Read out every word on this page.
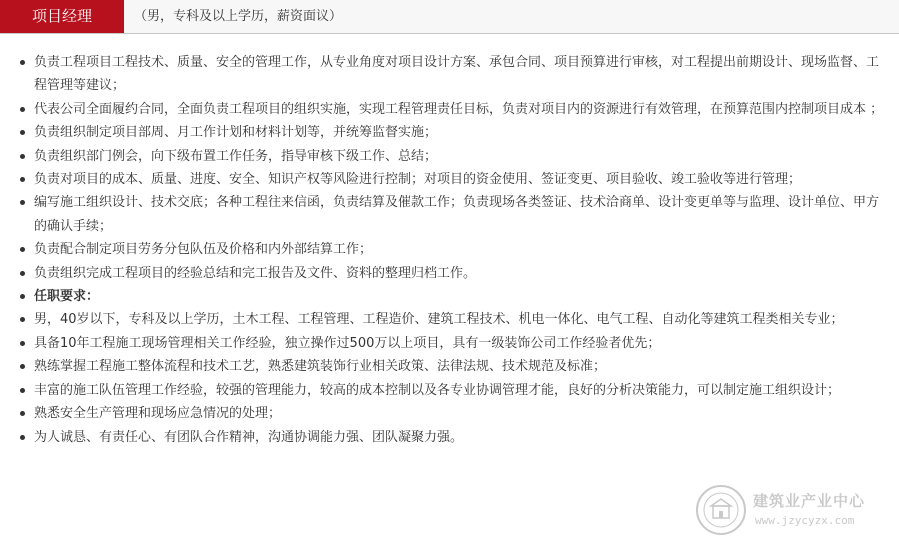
项目经理	（男，专科及以上学历，薪资面议）
负责工程项目工程技术、质量、安全的管理工作，从专业角度对项目设计方案、承包合同、项目预算进行审核，对工程提出前期设计、现场监督、工程管理等建议；
代表公司全面履约合同，全面负责工程项目的组织实施，实现工程管理责任目标，负责对项目内的资源进行有效管理，在预算范围内控制项目成本 ；
负责组织制定项目部周、月工作计划和材料计划等，并统筹监督实施；
负责组织部门例会，向下级布置工作任务，指导审核下级工作、总结；
负责对项目的成本、质量、进度、安全、知识产权等风险进行控制；对项目的资金使用、签证变更、项目验收、竣工验收等进行管理；
编写施工组织设计、技术交底；各种工程往来信函，负责结算及催款工作；负责现场各类签证、技术洽商单、设计变更单等与监理、设计单位、甲方的确认手续；
负责配合制定项目劳务分包队伍及价格和内外部结算工作；
负责组织完成工程项目的经验总结和完工报告及文件、资料的整理归档工作。
任职要求：
男，40岁以下，专科及以上学历，土木工程、工程管理、工程造价、建筑工程技术、机电一体化、电气工程、自动化等建筑工程类相关专业；
具备10年工程施工现场管理相关工作经验，独立操作过500万以上项目，具有一级装饰公司工作经验者优先；
熟练掌握工程施工整体流程和技术工艺，熟悉建筑装饰行业相关政策、法律法规、技术规范及标准；
丰富的施工队伍管理工作经验，较强的管理能力，较高的成本控制以及各专业协调管理才能，良好的分析决策能力，可以制定施工组织设计；
熟悉安全生产管理和现场应急情况的处理；
为人诚恳、有责任心、有团队合作精神，沟通协调能力强、团队凝聚力强。
建筑业产业中心
www.jzycyzx.com
